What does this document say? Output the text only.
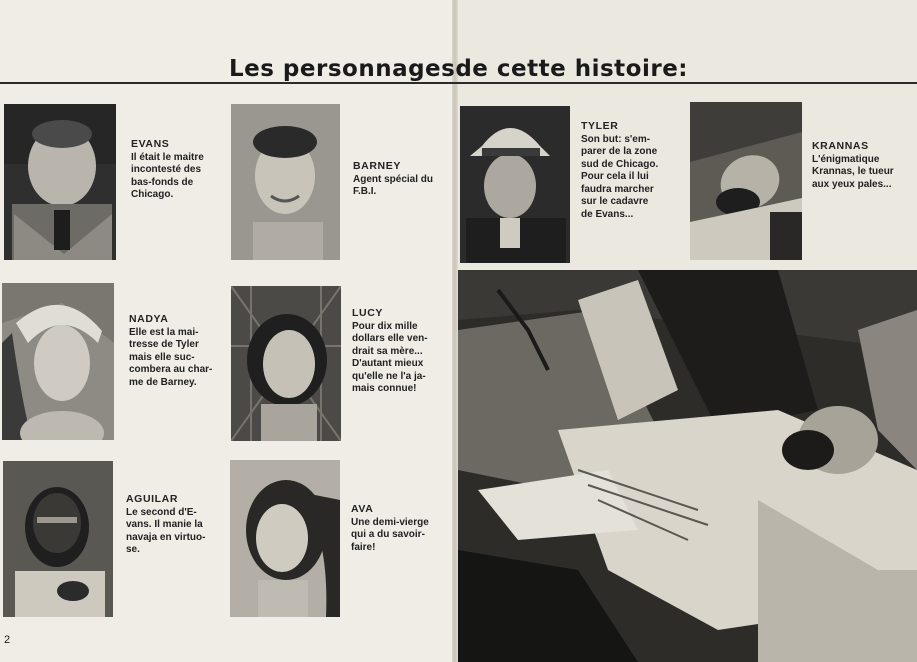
Les personnagesde cette histoire:
EVANS
Il était le maitre
incontesté des
bas-fonds de
Chicago.
BARNEY
Agent spécial du
F.B.I.
NADYA
Elle est la mai-
tresse de Tyler
mais elle suc-
combera au char-
me de Barney.
LUCY
Pour dix mille
dollars elle ven-
drait sa mère...
D'autant mieux
qu'elle ne l'a ja-
mais connue!
AGUILAR
Le second d'E-
vans. Il manie la
navaja en virtuo-
se.
AVA
Une demi-vierge
qui a du savoir-
faire!
TYLER
Son but: s'em-
parer de la zone
sud de Chicago.
Pour cela il lui
faudra marcher
sur le cadavre
de Evans...
KRANNAS
L'énigmatique
Krannas, le tueur
aux yeux pales...
2
